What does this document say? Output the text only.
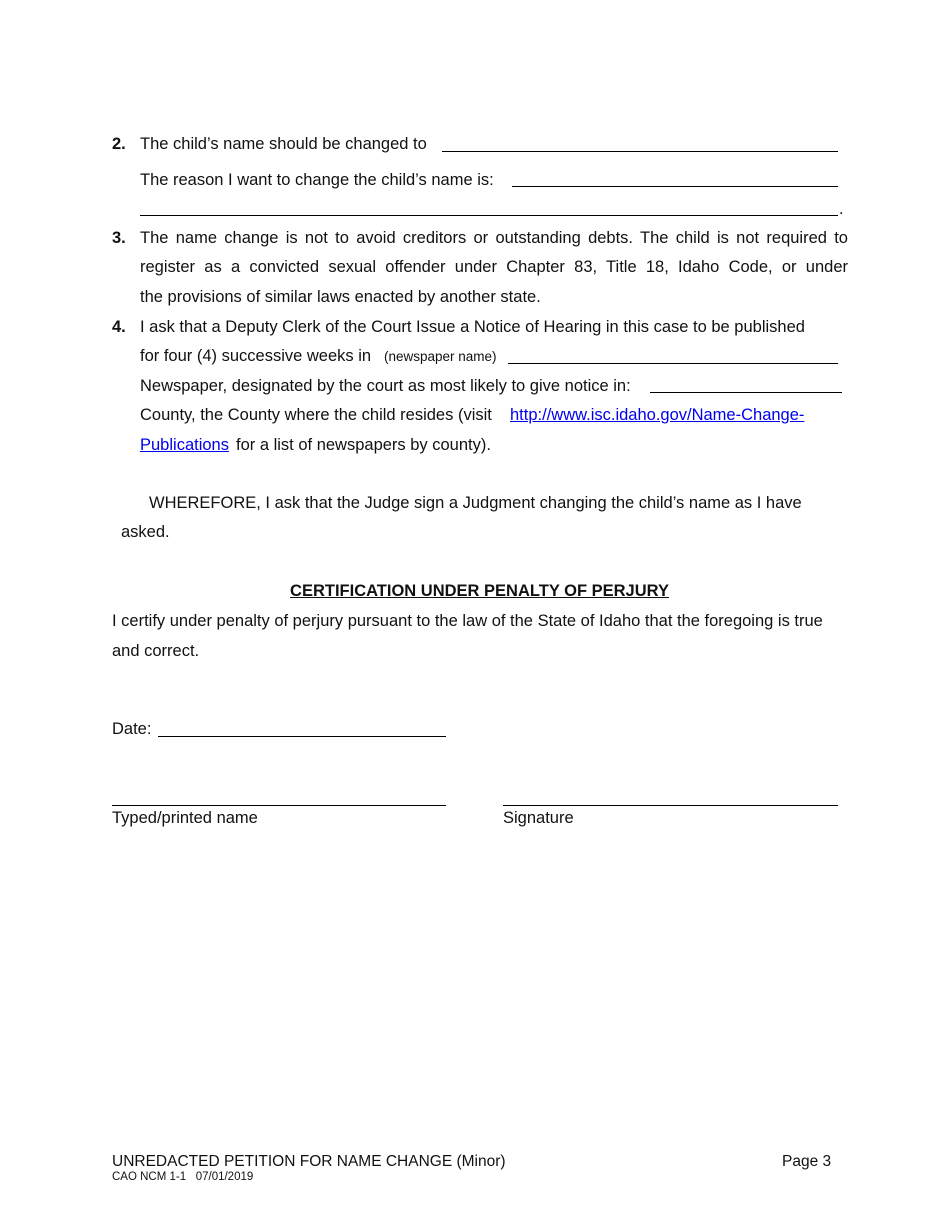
2. The child’s name should be changed to
The reason I want to change the child’s name is:
.
3. The name change is not to avoid creditors or outstanding debts. The child is not required to
register as a convicted sexual offender under Chapter 83, Title 18, Idaho Code, or under
the provisions of similar laws enacted by another state.
4. I ask that a Deputy Clerk of the Court Issue a Notice of Hearing in this case to be published
for four (4) successive weeks in (newspaper name)
Newspaper, designated by the court as most likely to give notice in:
County, the County where the child resides (visit http://www.isc.idaho.gov/Name-Change-
Publications for a list of newspapers by county).
WHEREFORE, I ask that the Judge sign a Judgment changing the child’s name as I have
asked.
CERTIFICATION UNDER PENALTY OF PERJURY
I certify under penalty of perjury pursuant to the law of the State of Idaho that the foregoing is true
and correct.
Date:
Typed/printed name	Signature
UNREDACTED PETITION FOR NAME CHANGE (Minor)	Page 3
CAO NCM 1-1   07/01/2019
